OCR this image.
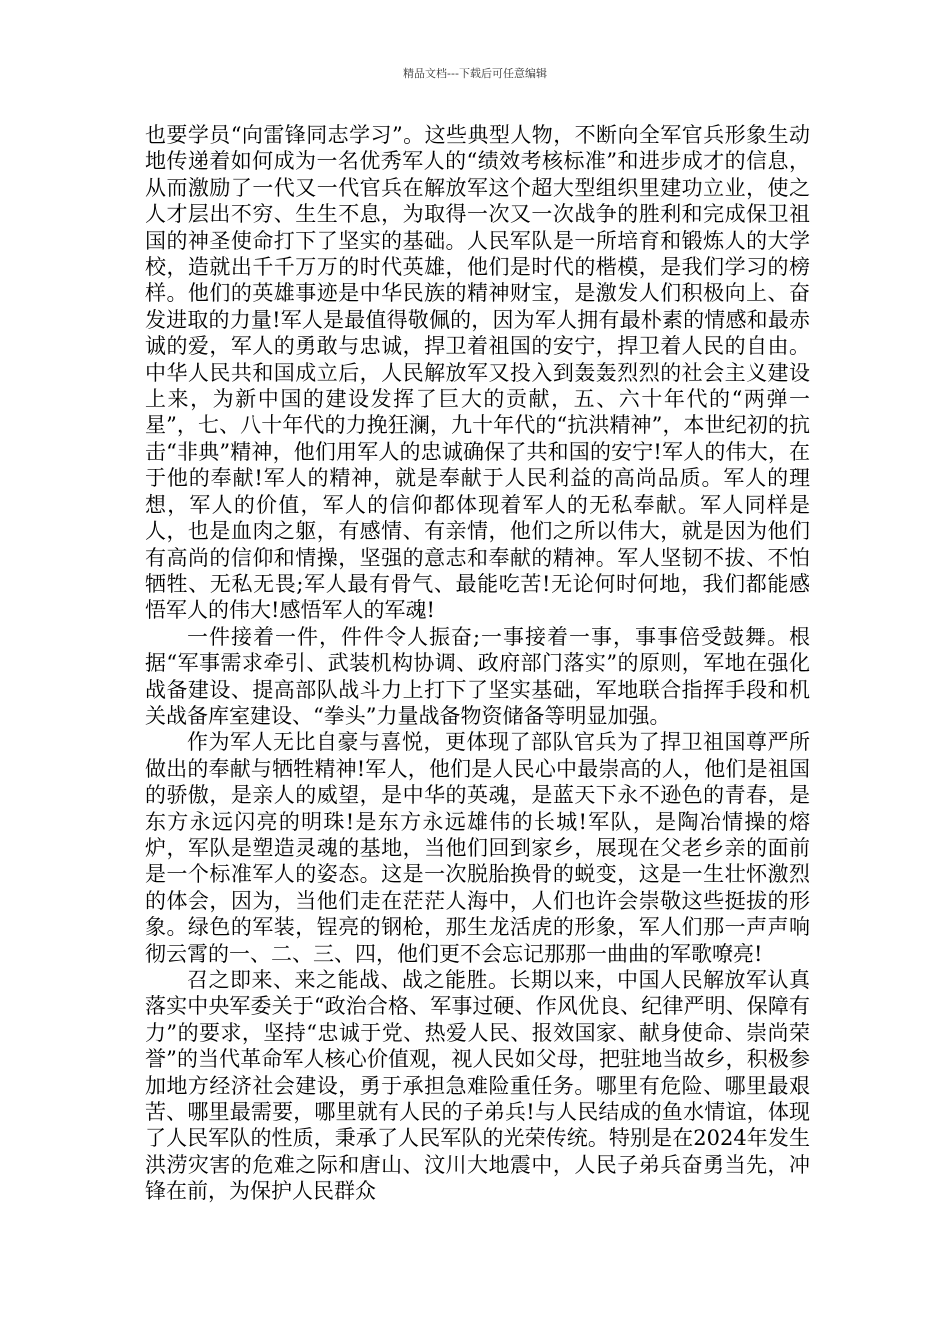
精品文档---下载后可任意编辑

也要学员“向雷锋同志学习”。这些典型人物，不断向全军官兵形象生动地传递着如何成为一名优秀军人的“绩效考核标准”和进步成才的信息，从而激励了一代又一代官兵在解放军这个超大型组织里建功立业，使之人才层出不穷、生生不息，为取得一次又一次战争的胜利和完成保卫祖国的神圣使命打下了坚实的基础。人民军队是一所培育和锻炼人的大学校，造就出千千万万的时代英雄，他们是时代的楷模，是我们学习的榜样。他们的英雄事迹是中华民族的精神财宝，是激发人们积极向上、奋发进取的力量!军人是最值得敬佩的，因为军人拥有最朴素的情感和最赤诚的爱，军人的勇敢与忠诚，捍卫着祖国的安宁，捍卫着人民的自由。中华人民共和国成立后，人民解放军又投入到轰轰烈烈的社会主义建设上来，为新中国的建设发挥了巨大的贡献，五、六十年代的“两弹一星”，七、八十年代的力挽狂澜，九十年代的“抗洪精神”，本世纪初的抗击“非典”精神，他们用军人的忠诚确保了共和国的安宁!军人的伟大，在于他的奉献!军人的精神，就是奉献于人民利益的高尚品质。军人的理想，军人的价值，军人的信仰都体现着军人的无私奉献。军人同样是人，也是血肉之躯，有感情、有亲情，他们之所以伟大，就是因为他们有高尚的信仰和情操，坚强的意志和奉献的精神。军人坚韧不拔、不怕牺牲、无私无畏;军人最有骨气、最能吃苦!无论何时何地，我们都能感悟军人的伟大!感悟军人的军魂!

一件接着一件，件件令人振奋;一事接着一事，事事倍受鼓舞。根据“军事需求牵引、武装机构协调、政府部门落实”的原则，军地在强化战备建设、提高部队战斗力上打下了坚实基础，军地联合指挥手段和机关战备库室建设、“拳头”力量战备物资储备等明显加强。

作为军人无比自豪与喜悦，更体现了部队官兵为了捍卫祖国尊严所做出的奉献与牺牲精神!军人，他们是人民心中最崇高的人，他们是祖国的骄傲，是亲人的威望，是中华的英魂，是蓝天下永不逊色的青春，是东方永远闪亮的明珠!是东方永远雄伟的长城!军队，是陶冶情操的熔炉，军队是塑造灵魂的基地，当他们回到家乡，展现在父老乡亲的面前是一个标准军人的姿态。这是一次脱胎换骨的蜕变，这是一生壮怀激烈的体会，因为，当他们走在茫茫人海中，人们也许会崇敬这些挺拔的形象。绿色的军装，锃亮的钢枪，那生龙活虎的形象，军人们那一声声响彻云霄的一、二、三、四，他们更不会忘记那那一曲曲的军歌嘹亮!

召之即来、来之能战、战之能胜。长期以来，中国人民解放军认真落实中央军委关于“政治合格、军事过硬、作风优良、纪律严明、保障有力”的要求，坚持“忠诚于党、热爱人民、报效国家、献身使命、崇尚荣誉”的当代革命军人核心价值观，视人民如父母，把驻地当故乡，积极参加地方经济社会建设，勇于承担急难险重任务。哪里有危险、哪里最艰苦、哪里最需要，哪里就有人民的子弟兵!与人民结成的鱼水情谊，体现了人民军队的性质，秉承了人民军队的光荣传统。特别是在2024年发生洪涝灾害的危难之际和唐山、汶川大地震中，人民子弟兵奋勇当先，冲锋在前，为保护人民群众
